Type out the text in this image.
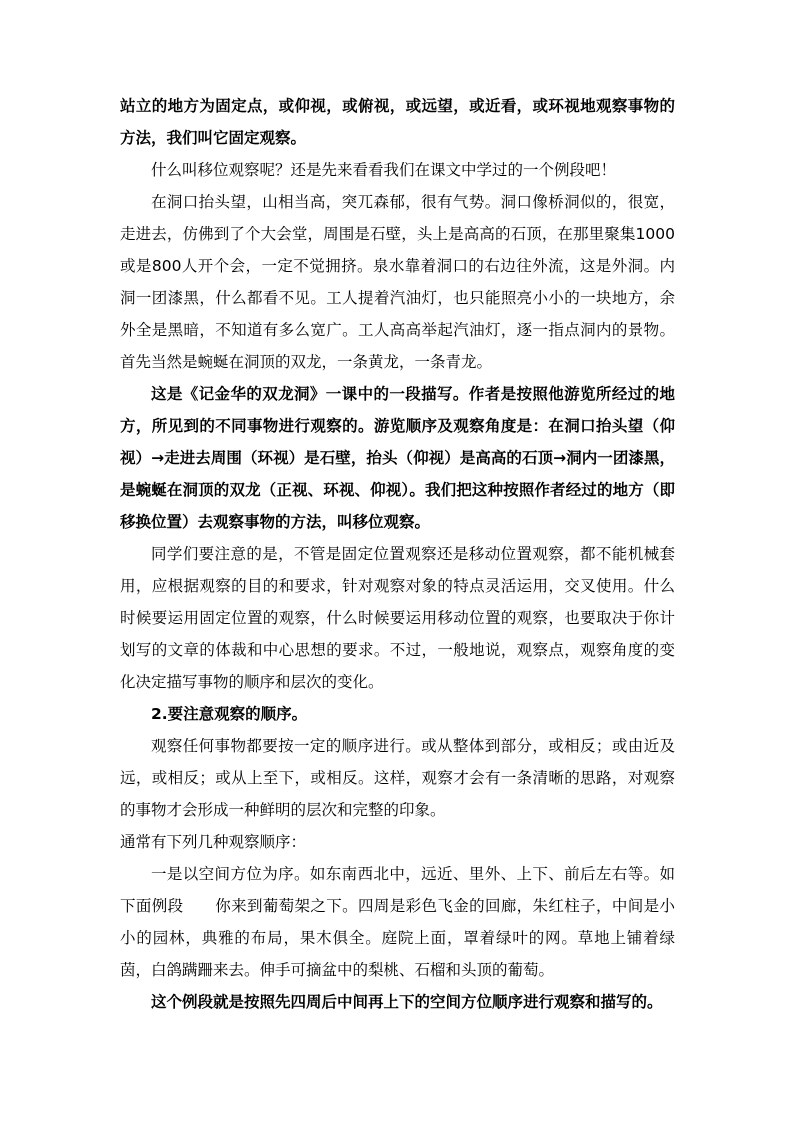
站立的地方为固定点，或仰视，或俯视，或远望，或近看，或环视地观察事物的方法，我们叫它固定观察。

什么叫移位观察呢？还是先来看看我们在课文中学过的一个例段吧！

在洞口抬头望，山相当高，突兀森郁，很有气势。洞口像桥洞似的，很宽，走进去，仿佛到了个大会堂，周围是石壁，头上是高高的石顶，在那里聚集1000或是800人开个会，一定不觉拥挤。泉水靠着洞口的右边往外流，这是外洞。内洞一团漆黑，什么都看不见。工人提着汽油灯，也只能照亮小小的一块地方，余外全是黑暗，不知道有多么宽广。工人高高举起汽油灯，逐一指点洞内的景物。首先当然是蜿蜒在洞顶的双龙，一条黄龙，一条青龙。

这是《记金华的双龙洞》一课中的一段描写。作者是按照他游览所经过的地方，所见到的不同事物进行观察的。游览顺序及观察角度是：在洞口抬头望（仰视）→走进去周围（环视）是石壁，抬头（仰视）是高高的石顶→洞内一团漆黑，是蜿蜒在洞顶的双龙（正视、环视、仰视）。我们把这种按照作者经过的地方（即移换位置）去观察事物的方法，叫移位观察。

同学们要注意的是，不管是固定位置观察还是移动位置观察，都不能机械套用，应根据观察的目的和要求，针对观察对象的特点灵活运用，交叉使用。什么时候要运用固定位置的观察，什么时候要运用移动位置的观察，也要取决于你计划写的文章的体裁和中心思想的要求。不过，一般地说，观察点，观察角度的变化决定描写事物的顺序和层次的变化。

2.要注意观察的顺序。

观察任何事物都要按一定的顺序进行。或从整体到部分，或相反；或由近及远，或相反；或从上至下，或相反。这样，观察才会有一条清晰的思路，对观察的事物才会形成一种鲜明的层次和完整的印象。

通常有下列几种观察顺序：

一是以空间方位为序。如东南西北中，远近、里外、上下、前后左右等。如下面例段　　你来到葡萄架之下。四周是彩色飞金的回廊，朱红柱子，中间是小小的园林，典雅的布局，果木俱全。庭院上面，罩着绿叶的网。草地上铺着绿茵，白鸽蹒跚来去。伸手可摘盆中的梨桃、石榴和头顶的葡萄。

这个例段就是按照先四周后中间再上下的空间方位顺序进行观察和描写的。
